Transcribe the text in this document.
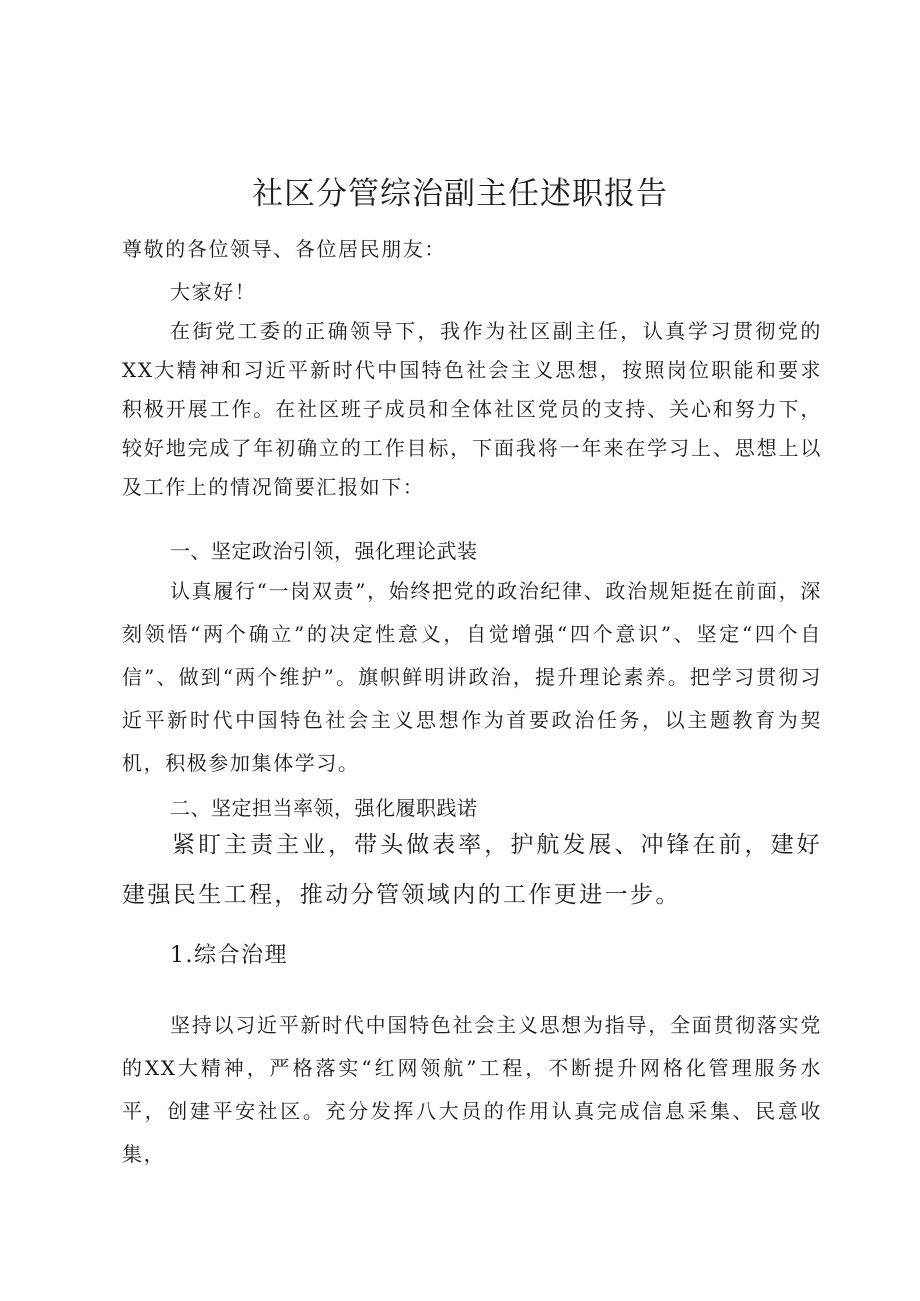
社区分管综治副主任述职报告

尊敬的各位领导、各位居民朋友：

大家好！

在街党工委的正确领导下，我作为社区副主任，认真学习贯彻党的XX大精神和习近平新时代中国特色社会主义思想，按照岗位职能和要求积极开展工作。在社区班子成员和全体社区党员的支持、关心和努力下，较好地完成了年初确立的工作目标，下面我将一年来在学习上、思想上以及工作上的情况简要汇报如下：

一、坚定政治引领，强化理论武装

认真履行“一岗双责”，始终把党的政治纪律、政治规矩挺在前面，深刻领悟“两个确立”的决定性意义，自觉增强“四个意识”、坚定“四个自信”、做到“两个维护”。旗帜鲜明讲政治，提升理论素养。把学习贯彻习近平新时代中国特色社会主义思想作为首要政治任务，以主题教育为契机，积极参加集体学习。

二、坚定担当率领，强化履职践诺

紧盯主责主业，带头做表率，护航发展、冲锋在前，建好建强民生工程，推动分管领域内的工作更进一步。

1.综合治理

坚持以习近平新时代中国特色社会主义思想为指导，全面贯彻落实党的XX大精神，严格落实“红网领航”工程，不断提升网格化管理服务水平，创建平安社区。充分发挥八大员的作用认真完成信息采集、民意收集，
